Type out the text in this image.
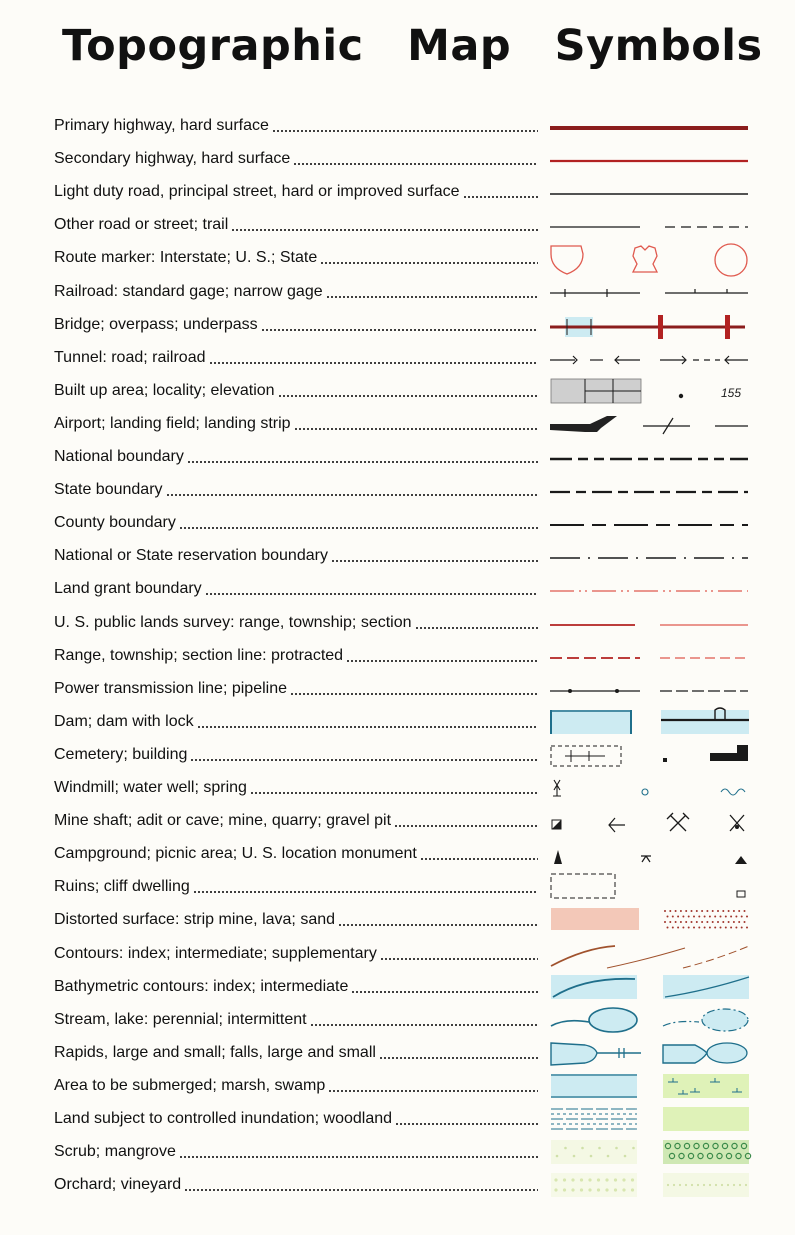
Topographic Map Symbols
Primary highway, hard surface
Secondary highway, hard surface
Light duty road, principal street, hard or improved surface
Other road or street; trail
Route marker: Interstate; U. S.; State
Railroad: standard gage; narrow gage
Bridge; overpass; underpass
Tunnel: road; railroad
Built up area; locality; elevation	155
Airport; landing field; landing strip
National boundary
State boundary
County boundary
National or State reservation boundary
Land grant boundary
U. S. public lands survey: range, township; section
Range, township; section line: protracted
Power transmission line; pipeline
Dam; dam with lock
Cemetery; building
Windmill; water well; spring
Mine shaft; adit or cave; mine, quarry; gravel pit
Campground; picnic area; U. S. location monument
Ruins; cliff dwelling
Distorted surface: strip mine, lava; sand
Contours: index; intermediate; supplementary
Bathymetric contours: index; intermediate
Stream, lake: perennial; intermittent
Rapids, large and small; falls, large and small
Area to be submerged; marsh, swamp
Land subject to controlled inundation; woodland
Scrub; mangrove
Orchard; vineyard
